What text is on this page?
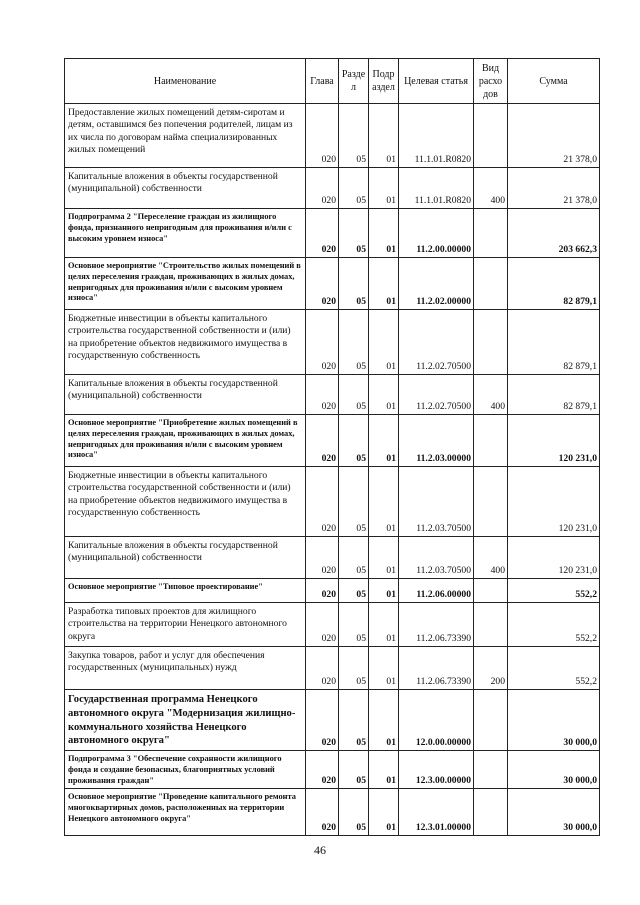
Наименование	Глава	Разде л	Подр аздел	Целевая статья	Вид расхо дов	Сумма
Предоставление жилых помещений детям-сиротам и детям, оставшимся без попечения родителей, лицам из их числа по договорам найма специализированных жилых помещений	020	05	01	11.1.01.R0820		21 378,0
Капитальные вложения в объекты государственной (муниципальной) собственности	020	05	01	11.1.01.R0820	400	21 378,0
Подпрограмма 2 "Переселение граждан из жилищного фонда, признанного непригодным для проживания и/или с высоким уровнем износа"	020	05	01	11.2.00.00000		203 662,3
Основное мероприятие "Строительство жилых помещений в целях переселения граждан, проживающих в жилых домах, непригодных для проживания и/или с высоким уровнем износа"	020	05	01	11.2.02.00000		82 879,1
Бюджетные инвестиции в объекты капитального строительства государственной собственности и (или) на приобретение объектов недвижимого имущества в государственную собственность	020	05	01	11.2.02.70500		82 879,1
Капитальные вложения в объекты государственной (муниципальной) собственности	020	05	01	11.2.02.70500	400	82 879,1
Основное мероприятие "Приобретение жилых помещений в целях переселения граждан, проживающих в жилых домах, непригодных для проживания и/или с высоким уровнем износа"	020	05	01	11.2.03.00000		120 231,0
Бюджетные инвестиции в объекты капитального строительства государственной собственности и (или) на приобретение объектов недвижимого имущества в государственную собственность	020	05	01	11.2.03.70500		120 231,0
Капитальные вложения в объекты государственной (муниципальной) собственности	020	05	01	11.2.03.70500	400	120 231,0
Основное мероприятие "Типовое проектирование"	020	05	01	11.2.06.00000		552,2
Разработка типовых проектов для жилищного строительства на территории Ненецкого автономного округа	020	05	01	11.2.06.73390		552,2
Закупка товаров, работ и услуг для обеспечения государственных (муниципальных) нужд	020	05	01	11.2.06.73390	200	552,2
Государственная программа Ненецкого автономного округа "Модернизация жилищно-коммунального хозяйства Ненецкого автономного округа"	020	05	01	12.0.00.00000		30 000,0
Подпрограмма 3 "Обеспечение сохранности жилищного фонда и создание безопасных, благоприятных условий проживания граждан"	020	05	01	12.3.00.00000		30 000,0
Основное мероприятие "Проведение капитального ремонта многоквартирных домов, расположенных на территории Ненецкого автономного округа"	020	05	01	12.3.01.00000		30 000,0
46
